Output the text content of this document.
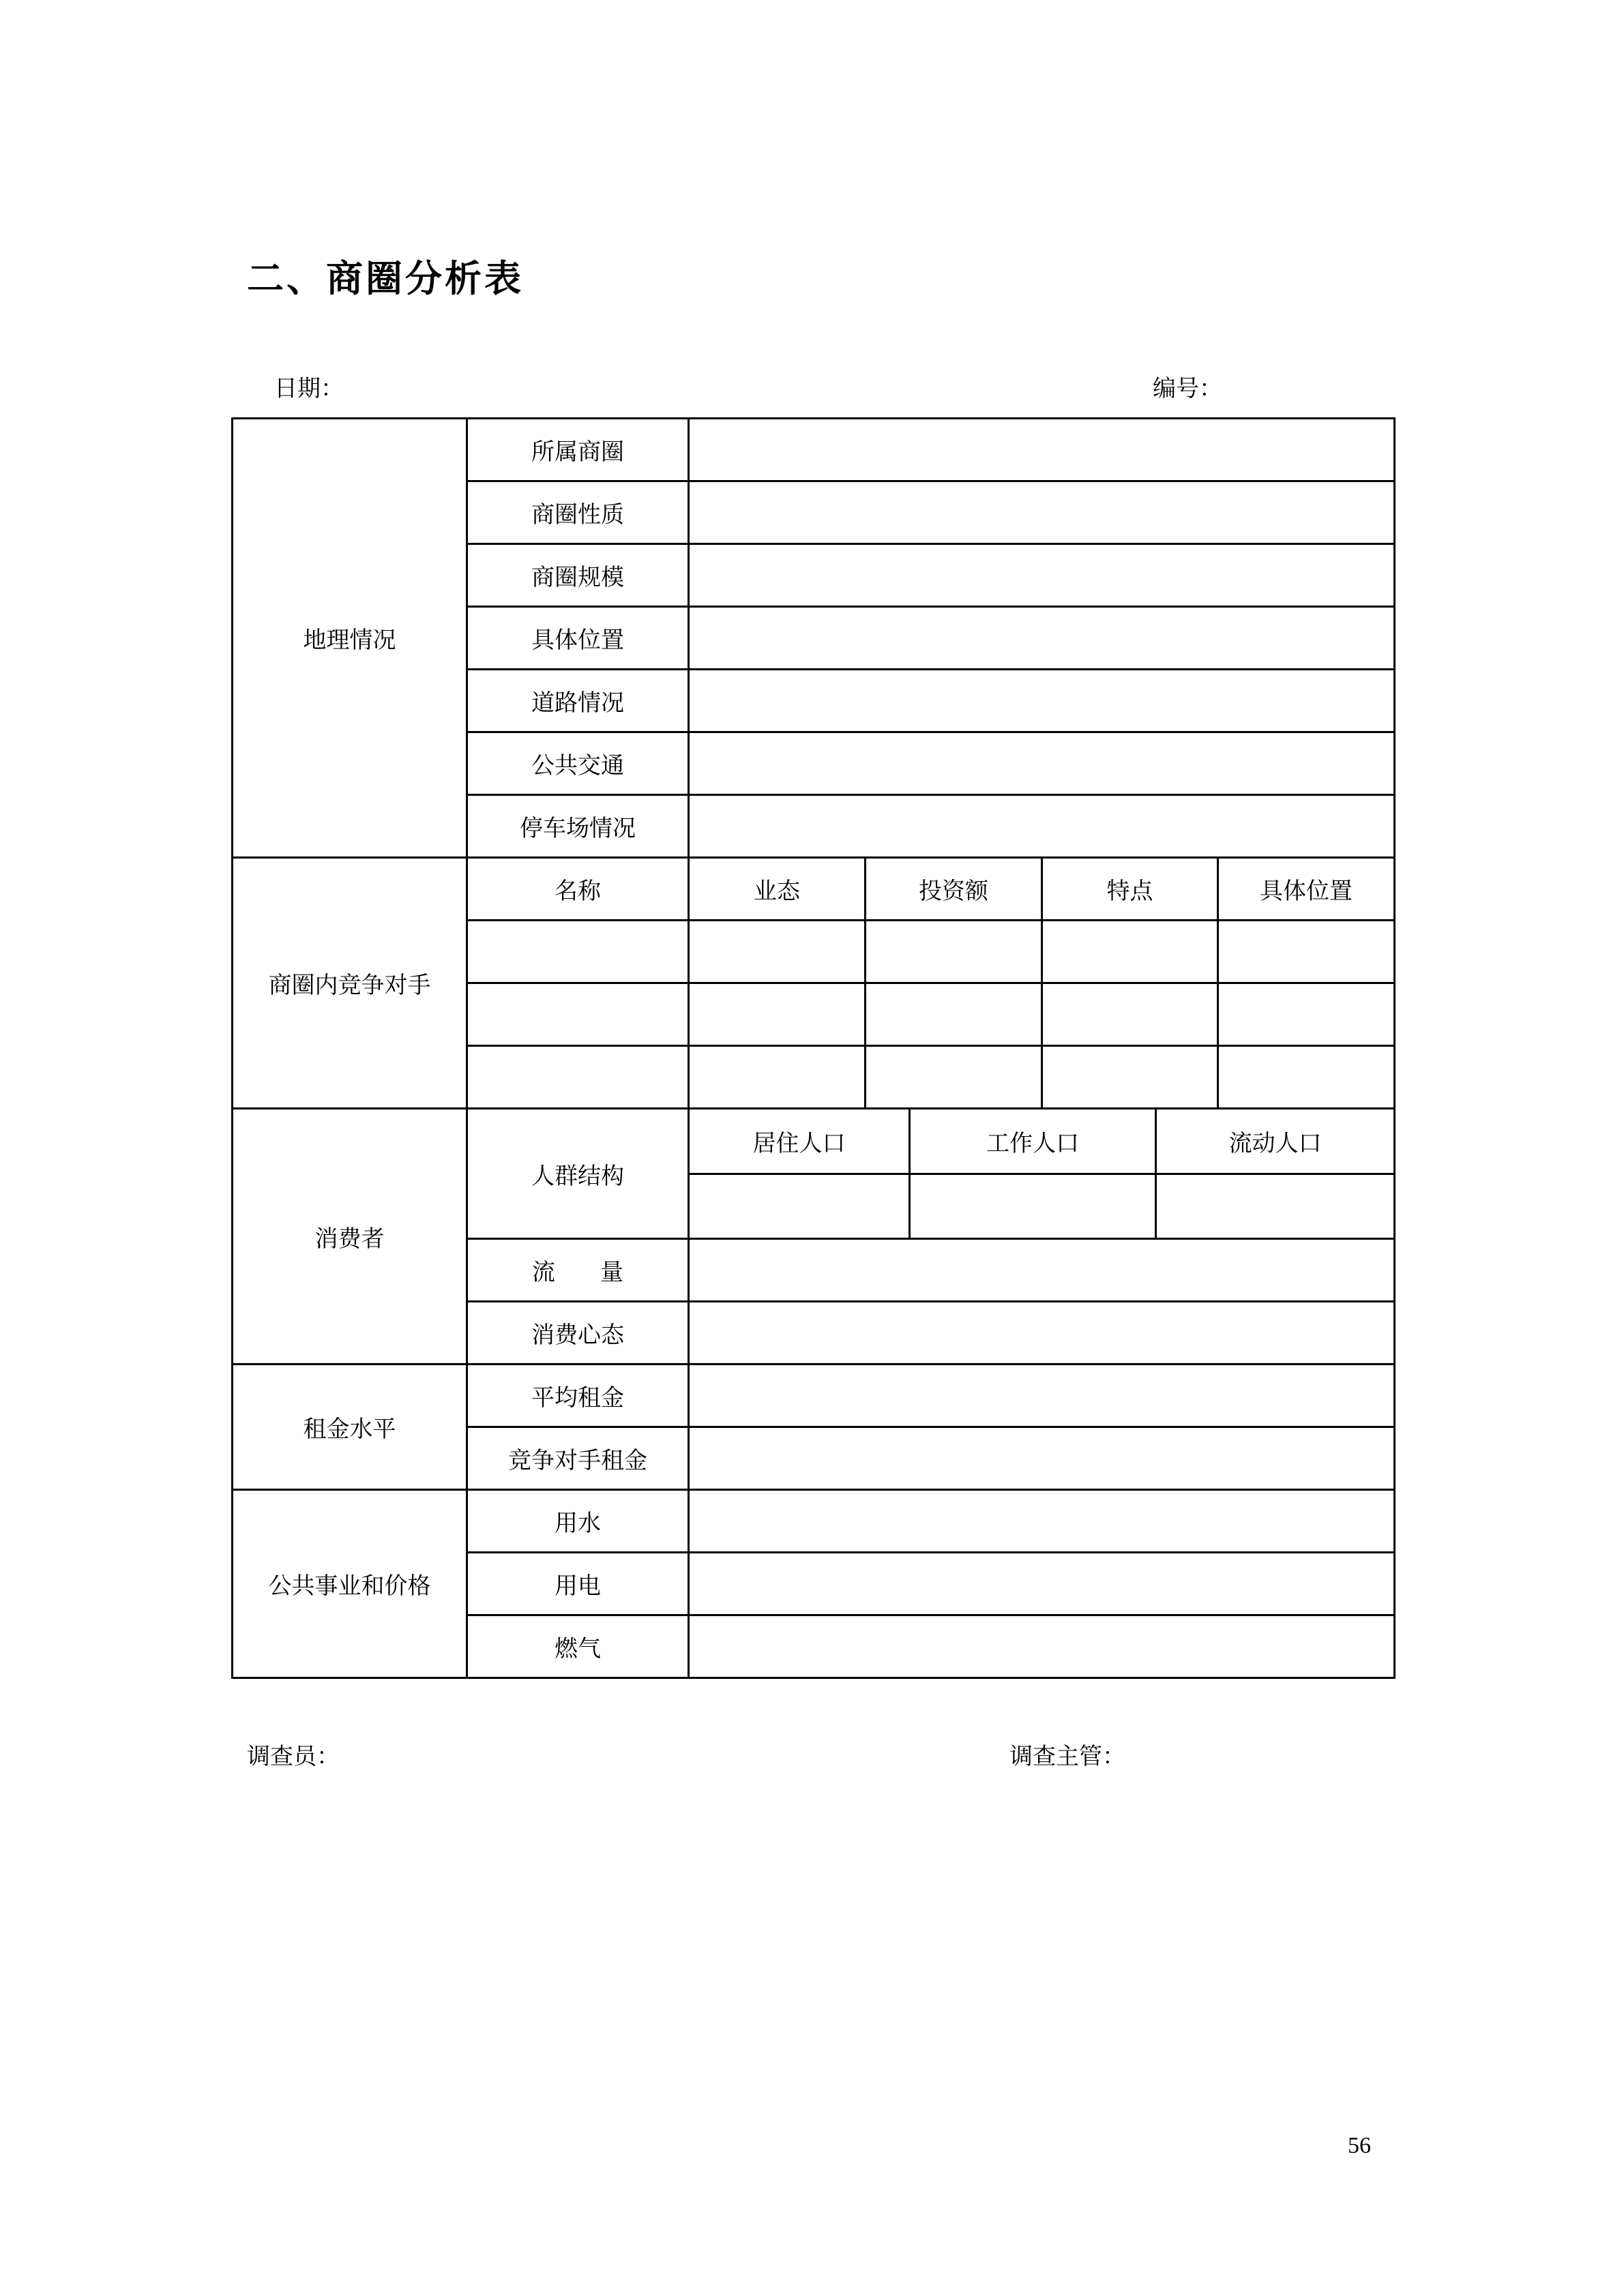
二、商圈分析表
日期：	编号：
地理情况	所属商圈	
商圈性质	
商圈规模	
具体位置	
道路情况	
公共交通	
停车场情况	
商圈内竞争对手	名称	业态	投资额	特点	具体位置

消费者	人群结构	
居住人口	工作人口	流动人口

流 量	
消费心态	
租金水平	平均租金	
竞争对手租金	
公共事业和价格	用水	
用电	
燃气	
调查员：	调查主管：
56
